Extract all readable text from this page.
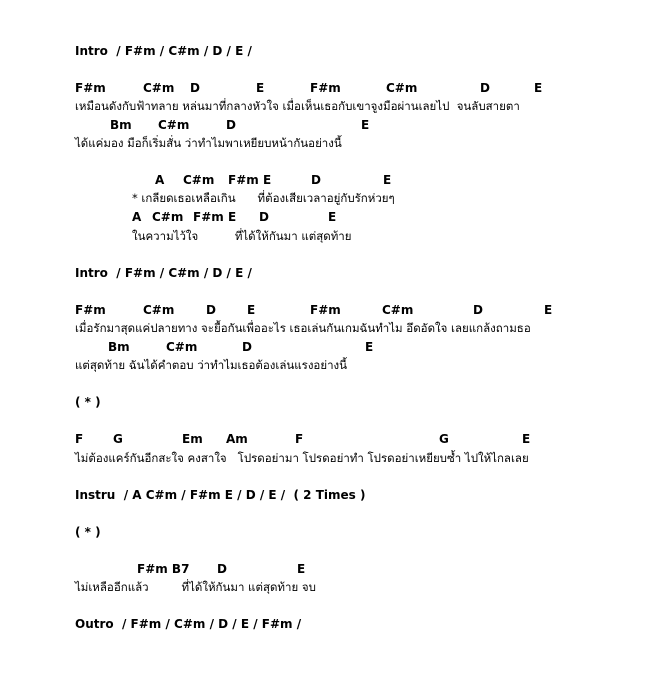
Intro  / F#m / C#m / D / E /
F#m	C#m D	E	F#m	C#m	D	E
เหมือนดังกับฟ้าทลาย หล่นมาที่กลางหัวใจ เมื่อเห็นเธอกับเขาจูงมือผ่านเลยไป  จนลับสายตา
Bm C#m	D	E
ได้แค่มอง มือก็เริ่มสั่น ว่าทำไมพาเหยียบหน้ากันอย่างนี้
A C#m F#m E	D	E
* เกลียดเธอเหลือเกิน      ที่ต้องเสียเวลาอยู่กับรักห่วยๆ
A C#m F#m E D	E
ในความไว้ใจ          ที่ได้ให้กันมา แต่สุดท้าย
Intro  / F#m / C#m / D / E /
F#m	C#m	D	E	F#m	C#m	D	E
เมื่อรักมาสุดแค่ปลายทาง จะยื้อกันเพื่ออะไร เธอเล่นกันเกมฉันทำไม อึดอัดใจ เลยแกล้งถามธอ
Bm	C#m	D	E
แต่สุดท้าย ฉันได้คำตอบ ว่าทำไมเธอต้องเล่นแรงอย่างนี้
( * )
F G	Em Am	F	G	E
ไม่ต้องแคร์กันอีกสะใจ คงสาใจ   โปรดอย่ามา โปรดอย่าทำ โปรดอย่าเหยียบซ้ำ ไปให้ไกลเลย
Instru  / A C#m / F#m E / D / E /  ( 2 Times )
( * )
F#m B7 D	E
ไม่เหลืออีกแล้ว         ที่ได้ให้กันมา แต่สุดท้าย จบ
Outro  / F#m / C#m / D / E / F#m /
